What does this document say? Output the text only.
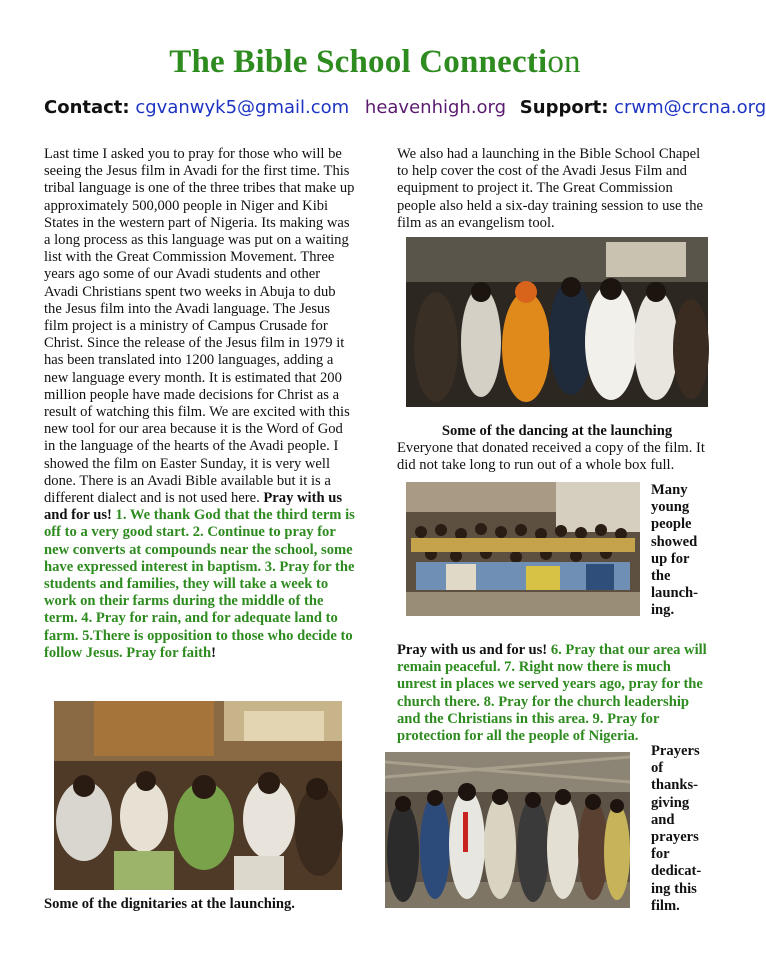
The Bible School Connection
Contact: cgvanwyk5@gmail.com heavenhigh.org Support: crwm@crcna.org

Last time I asked you to pray for those who will be seeing the Jesus film in Avadi for the first time. This tribal language is one of the three tribes that make up approximately 500,000 people in Niger and Kibi States in the western part of Nigeria. Its making was a long process as this language was put on a waiting list with the Great Commission Movement. Three years ago some of our Avadi students and other Avadi Christians spent two weeks in Abuja to dub the Jesus film into the Avadi language. The Jesus film project is a ministry of Campus Crusade for Christ. Since the release of the Jesus film in 1979 it has been translated into 1200 languages, adding a new language every month. It is estimated that 200 million people have made decisions for Christ as a result of watching this film. We are excited with this new tool for our area because it is the Word of God in the language of the hearts of the Avadi people. I showed the film on Easter Sunday, it is very well done. There is an Avadi Bible available but it is a different dialect and is not used here. Pray with us and for us! 1. We thank God that the third term is off to a very good start. 2. Continue to pray for new converts at compounds near the school, some have expressed interest in baptism. 3. Pray for the students and families, they will take a week to work on their farms during the middle of the term. 4. Pray for rain, and for adequate land to farm. 5.There is opposition to those who decide to follow Jesus. Pray for faith!

Some of the dignitaries at the launching.
We also had a launching in the Bible School Chapel to help cover the cost of the Avadi Jesus Film and equipment to project it. The Great Commission people also held a six-day training session to use the film as an evangelism tool.
Some of the dancing at the launching
Everyone that donated received a copy of the film. It did not take long to run out of a whole box full.
Many young people showed up for the launch-ing.
Pray with us and for us! 6. Pray that our area will remain peaceful. 7. Right now there is much unrest in places we served years ago, pray for the church there. 8. Pray for the church leadership and the Christians in this area. 9. Pray for protection for all the people of Nigeria.
Prayers of thanks-giving and prayers for dedicat-ing this film.
